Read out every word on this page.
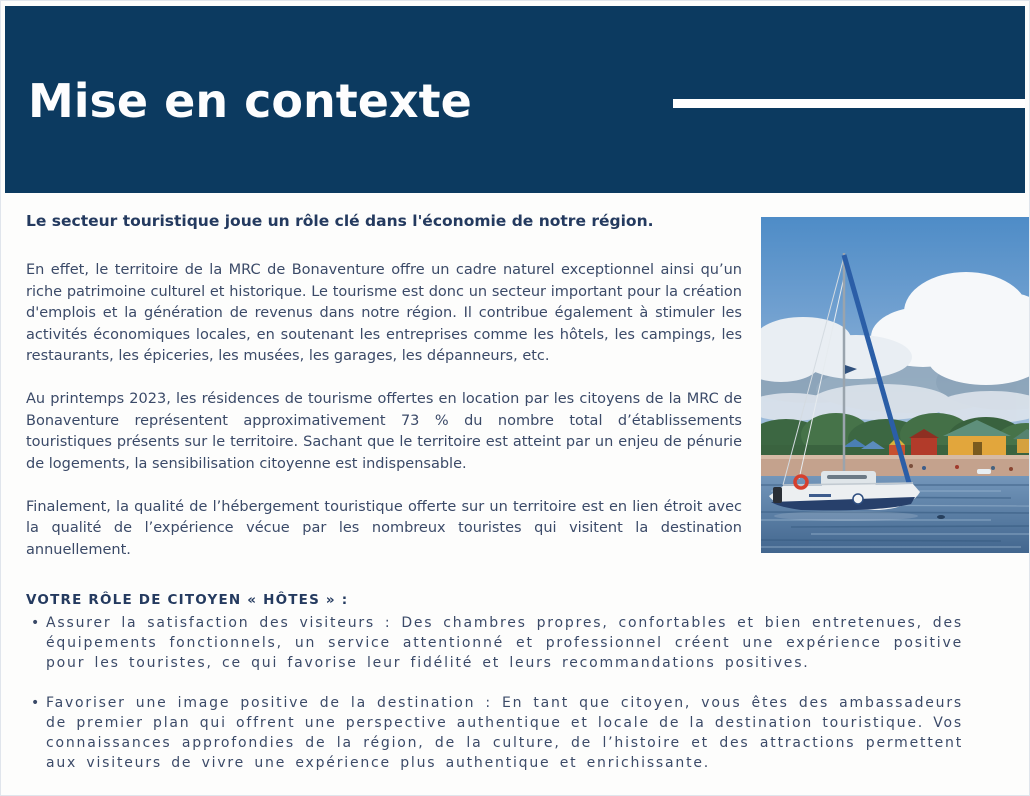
Mise en contexte

Le secteur touristique joue un rôle clé dans l'économie de notre région.

En effet, le territoire de la MRC de Bonaventure offre un cadre naturel exceptionnel ainsi qu’un riche patrimoine culturel et historique. Le tourisme est donc un secteur important pour la création d'emplois et la génération de revenus dans notre région. Il contribue également à stimuler les activités économiques locales, en soutenant les entreprises comme les hôtels, les campings, les restaurants, les épiceries, les musées, les garages, les dépanneurs, etc.

Au printemps 2023, les résidences de tourisme offertes en location par les citoyens de la MRC de Bonaventure représentent approximativement 73 % du nombre total d’établissements touristiques présents sur le territoire. Sachant que le territoire est atteint par un enjeu de pénurie de logements, la sensibilisation citoyenne est indispensable.

Finalement, la qualité de l’hébergement touristique offerte sur un territoire est en lien étroit avec la qualité de l’expérience vécue par les nombreux touristes qui visitent la destination annuellement.

VOTRE RÔLE DE CITOYEN « HÔTES » :
• Assurer la satisfaction des visiteurs : Des chambres propres, confortables et bien entretenues, des équipements fonctionnels, un service attentionné et professionnel créent une expérience positive pour les touristes, ce qui favorise leur fidélité et leurs recommandations positives.
• Favoriser une image positive de la destination : En tant que citoyen, vous êtes des ambassadeurs de premier plan qui offrent une perspective authentique et locale de la destination touristique. Vos connaissances approfondies de la région, de la culture, de l’histoire et des attractions permettent aux visiteurs de vivre une expérience plus authentique et enrichissante.
